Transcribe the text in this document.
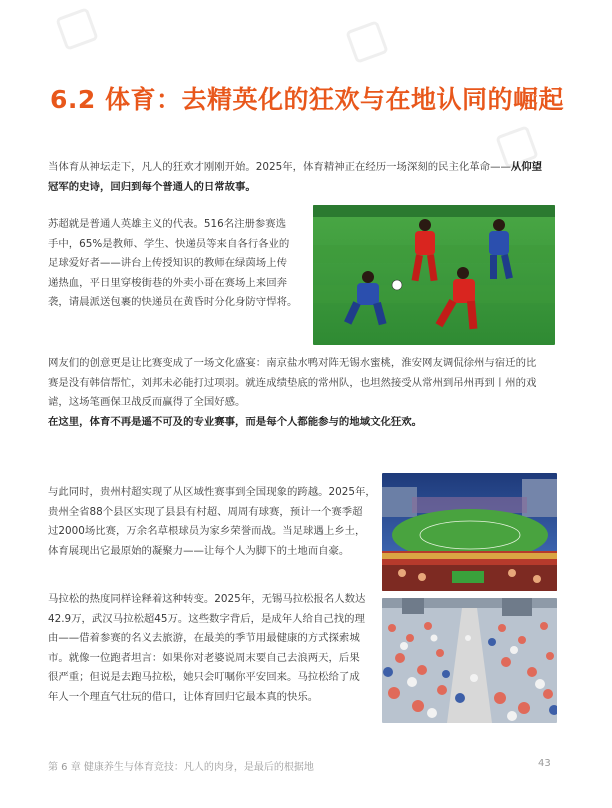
6.2 体育：去精英化的狂欢与在地认同的崛起
当体育从神坛走下，凡人的狂欢才刚刚开始。2025年，体育精神正在经历一场深刻的民主化革命——从仰望
冠军的史诗，回归到每个普通人的日常故事。
苏超就是普通人英雄主义的代表。516名注册参赛选
手中，65%是教师、学生、快递员等来自各行各业的
足球爱好者——讲台上传授知识的教师在绿茵场上传
递热血，平日里穿梭街巷的外卖小哥在赛场上来回奔
袭，请晨派送包裹的快递员在黄昏时分化身防守悍将。
网友们的创意更是让比赛变成了一场文化盛宴：南京盐水鸭对阵无锡水蜜桃，淮安网友调侃徐州与宿迁的比
赛是没有韩信帮忙，刘邦未必能打过项羽。就连成绩垫底的常州队，也坦然接受从常州到吊州再到丨州的戏
谑，这场笔画保卫战反而赢得了全国好感。
在这里，体育不再是遥不可及的专业赛事，而是每个人都能参与的地域文化狂欢。
与此同时，贵州村超实现了从区域性赛事到全国现象的跨越。2025年，
贵州全省88个县区实现了县县有村超、周周有球赛，预计一个赛季超
过2000场比赛，万余名草根球员为家乡荣誉而战。当足球遇上乡土，
体育展现出它最原始的凝聚力——让每个人为脚下的土地而自豪。
马拉松的热度同样诠释着这种转变。2025年，无锡马拉松报名人数达
42.9万，武汉马拉松超45万。这些数字背后，是成年人给自己找的理
由——借着参赛的名义去旅游，在最美的季节用最健康的方式探索城
市。就像一位跑者坦言：如果你对老婆说周末要自己去浪两天，后果
很严重；但说是去跑马拉松，她只会叮嘱你平安回来。马拉松给了成
年人一个理直气壮玩的借口，让体育回归它最本真的快乐。
第 6 章 健康养生与体育竞技：凡人的肉身，是最后的根据地	43
